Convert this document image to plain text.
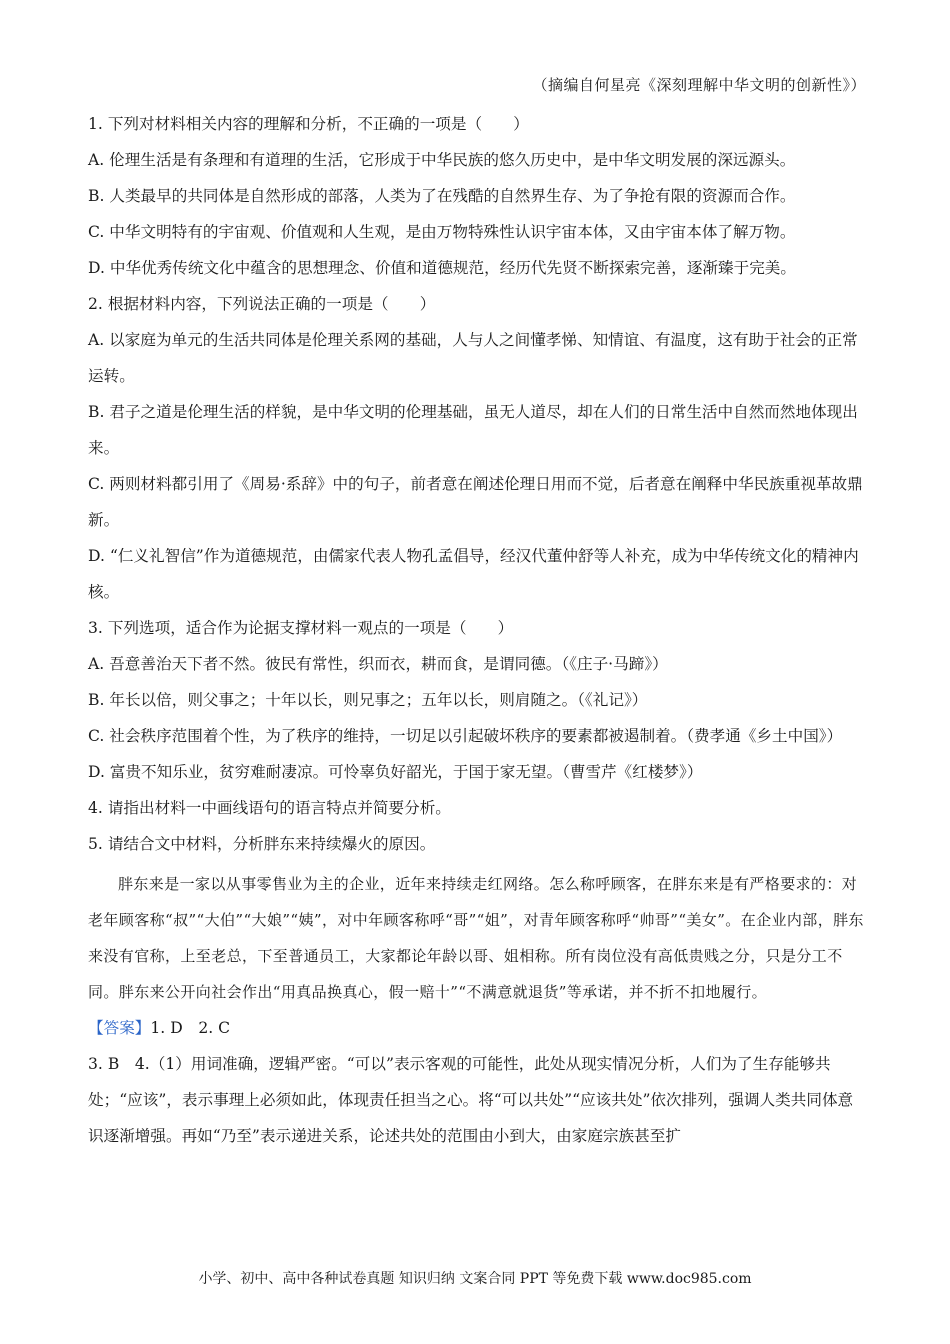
（摘编自何星亮《深刻理解中华文明的创新性》）
1. 下列对材料相关内容的理解和分析，不正确的一项是（　　）
A. 伦理生活是有条理和有道理的生活，它形成于中华民族的悠久历史中，是中华文明发展的深远源头。
B. 人类最早的共同体是自然形成的部落，人类为了在残酷的自然界生存、为了争抢有限的资源而合作。
C. 中华文明特有的宇宙观、价值观和人生观，是由万物特殊性认识宇宙本体，又由宇宙本体了解万物。
D. 中华优秀传统文化中蕴含的思想理念、价值和道德规范，经历代先贤不断探索完善，逐渐臻于完美。
2. 根据材料内容，下列说法正确的一项是（　　）
A. 以家庭为单元的生活共同体是伦理关系网的基础，人与人之间懂孝悌、知情谊、有温度，这有助于社会的正常运转。
B. 君子之道是伦理生活的样貌，是中华文明的伦理基础，虽无人道尽，却在人们的日常生活中自然而然地体现出来。
C. 两则材料都引用了《周易·系辞》中的句子，前者意在阐述伦理日用而不觉，后者意在阐释中华民族重视革故鼎新。
D. “仁义礼智信”作为道德规范，由儒家代表人物孔孟倡导，经汉代董仲舒等人补充，成为中华传统文化的精神内核。
3. 下列选项，适合作为论据支撑材料一观点的一项是（　　）
A. 吾意善治天下者不然。彼民有常性，织而衣，耕而食，是谓同德。（《庄子·马蹄》）
B. 年长以倍，则父事之；十年以长，则兄事之；五年以长，则肩随之。（《礼记》）
C. 社会秩序范围着个性，为了秩序的维持，一切足以引起破坏秩序的要素都被遏制着。（费孝通《乡土中国》）
D. 富贵不知乐业，贫穷难耐凄凉。可怜辜负好韶光，于国于家无望。（曹雪芹《红楼梦》）
4. 请指出材料一中画线语句的语言特点并简要分析。
5. 请结合文中材料，分析胖东来持续爆火的原因。
胖东来是一家以从事零售业为主的企业，近年来持续走红网络。怎么称呼顾客，在胖东来是有严格要求的：对老年顾客称“叔”“大伯”“大娘”“姨”，对中年顾客称呼“哥”“姐”，对青年顾客称呼“帅哥”“美女”。在企业内部，胖东来没有官称，上至老总，下至普通员工，大家都论年龄以哥、姐相称。所有岗位没有高低贵贱之分，只是分工不同。胖东来公开向社会作出“用真品换真心，假一赔十”“不满意就退货”等承诺，并不折不扣地履行。
【答案】1. D　2. C
3. B　4.（1）用词准确，逻辑严密。“可以”表示客观的可能性，此处从现实情况分析，人们为了生存能够共处；“应该”，表示事理上必须如此，体现责任担当之心。将“可以共处”“应该共处”依次排列，强调人类共同体意识逐渐增强。再如“乃至”表示递进关系，论述共处的范围由小到大，由家庭宗族甚至扩
小学、初中、高中各种试卷真题 知识归纳 文案合同 PPT 等免费下载 www.doc985.com
